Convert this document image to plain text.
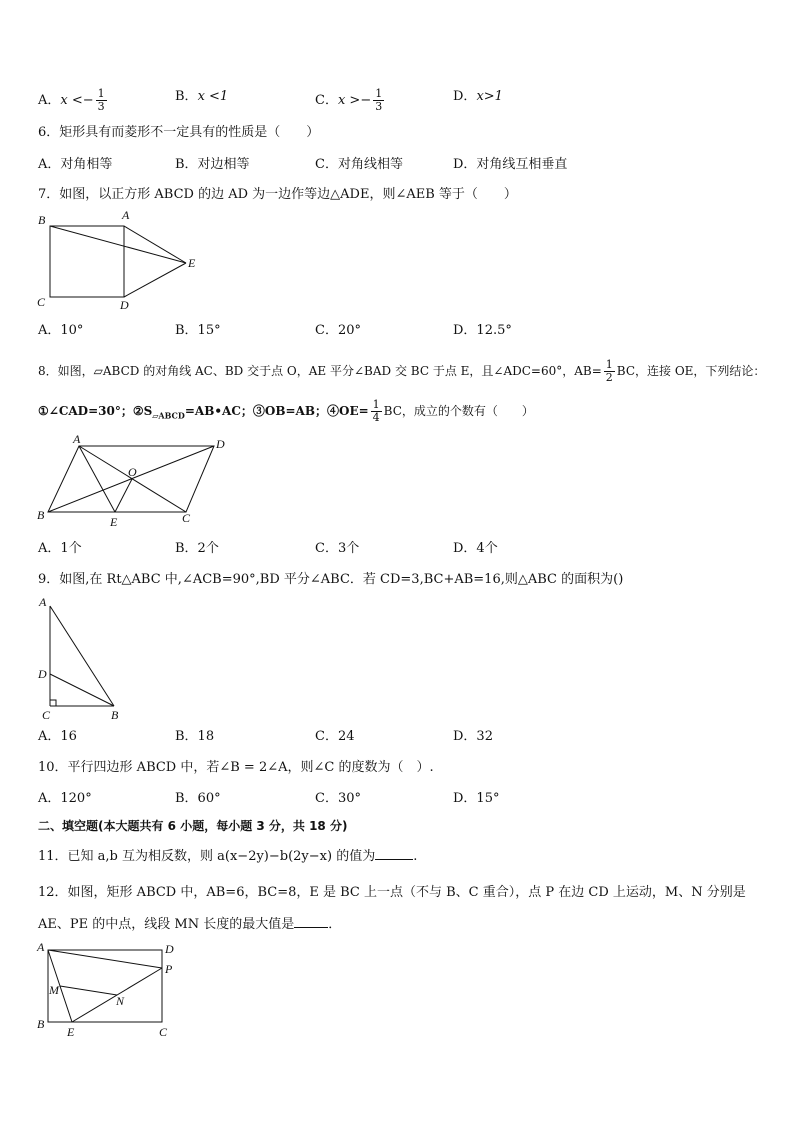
A．$x <- \frac{1}{3}$	B．x <1	C．$x >- \frac{1}{3}$	D．x>1
6．矩形具有而菱形不一定具有的性质是（　　）
A．对角相等	B．对边相等	C．对角线相等	D．对角线互相垂直
7．如图，以正方形 ABCD 的边 AD 为一边作等边△ADE，则∠AEB 等于（　　）
B	A
E
C	D
A．10°	B．15°	C．20°	D．12.5°
8．如图，▱ABCD 的对角线 AC、BD 交于点 O，AE 平分∠BAD 交 BC 于点 E，且∠ADC=60°，$AB= \frac{1}{2}$ BC，连接 OE，下列结论：
①∠CAD=30°；$②S_{▱ABCD}=AB•AC$；③OB=AB；④OE= $\frac{1}{4}$ BC，成立的个数有（　　）
A	D
O
B	E	C
A．1个	B．2个	C．3个	D．4个
9．如图,在 Rt△ABC 中,∠ACB=90°,BD 平分∠ABC．若 CD=3,BC+AB=16,则△ABC 的面积为()
A
D
C	B
A．16	B．18	C．24	D．32
10．平行四边形 ABCD 中，若∠B = 2∠A，则∠C 的度数为（　）.
A．120°	B．60°	C．30°	D．15°
二、填空题(本大题共有 6 小题，每小题 3 分，共 18 分)
11．已知 a,b 互为相反数，则 a(x−2y)−b(2y−x) 的值为	.
12．如图，矩形 ABCD 中，AB=6，BC=8，E 是 BC 上一点（不与 B、C 重合），点 P 在边 CD 上运动，M、N 分别是
AE、PE 的中点，线段 MN 长度的最大值是	．
A	D
P
M
N
B
E	C
